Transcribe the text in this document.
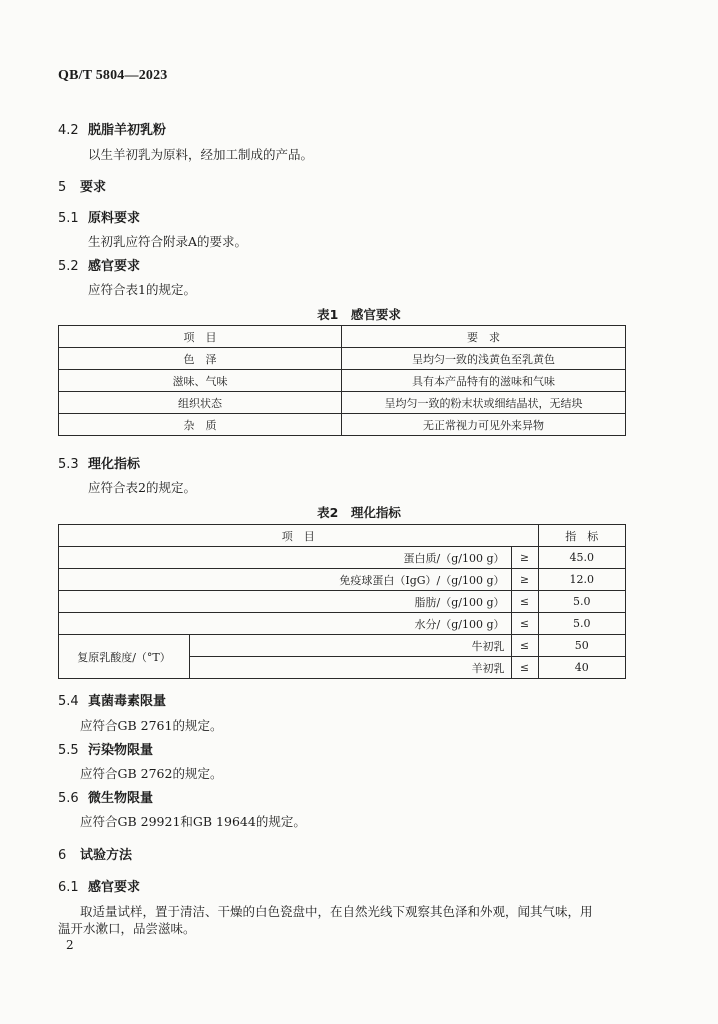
QB/T 5804—2023
4.2 脱脂羊初乳粉
以生羊初乳为原料，经加工制成的产品。
5 要求
5.1 原料要求
生初乳应符合附录A的要求。
5.2 感官要求
应符合表1的规定。
表1　感官要求
项　目	要　求
色　泽	呈均匀一致的浅黄色至乳黄色
滋味、气味	具有本产品特有的滋味和气味
组织状态	呈均匀一致的粉末状或细结晶状，无结块
杂　质	无正常视力可见外来异物
5.3 理化指标
应符合表2的规定。
表2　理化指标
项　目			指　标
蛋白质/（g/100 g）		≥	45.0
免疫球蛋白（IgG）/（g/100 g）		≥	12.0
脂肪/（g/100 g）		≤	5.0
水分/（g/100 g）		≤	5.0
复原乳酸度/（°T）	牛初乳	≤	50
	羊初乳	≤	40
5.4 真菌毒素限量
应符合GB 2761的规定。
5.5 污染物限量
应符合GB 2762的规定。
5.6 微生物限量
应符合GB 29921和GB 19644的规定。
6 试验方法
6.1 感官要求
取适量试样，置于清洁、干燥的白色瓷盘中，在自然光线下观察其色泽和外观，闻其气味，用
温开水漱口，品尝滋味。
2
